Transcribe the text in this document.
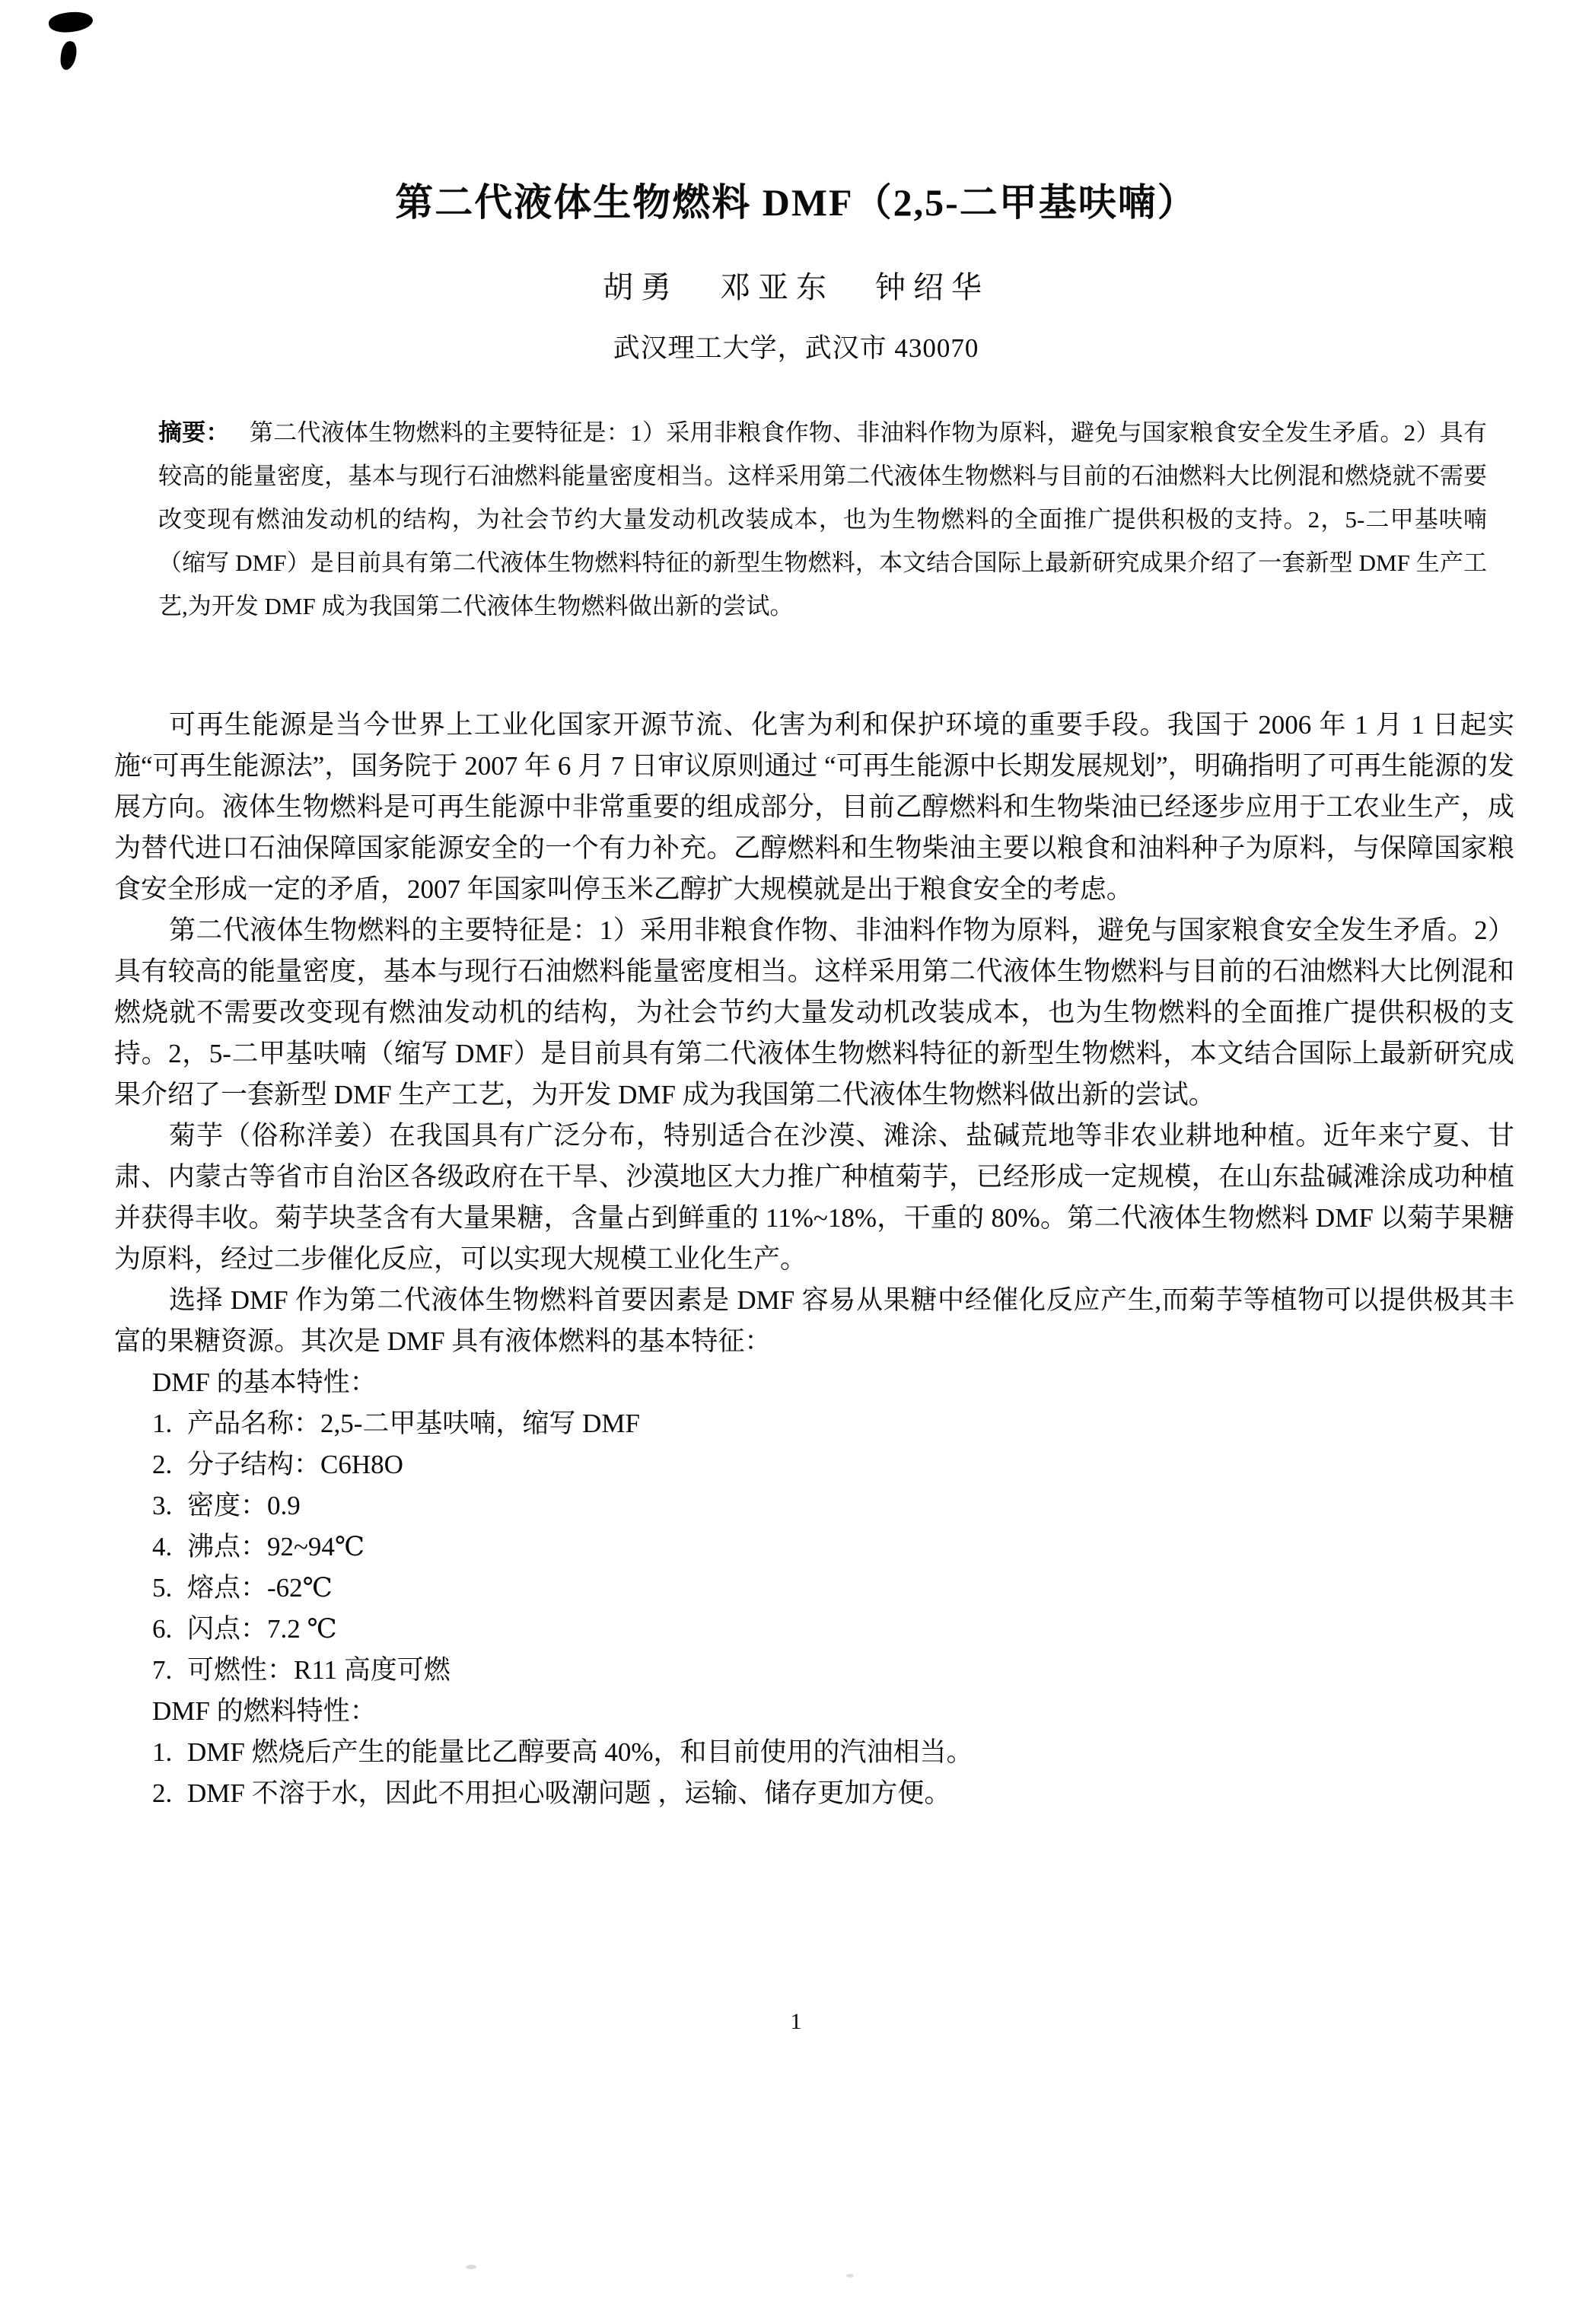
第二代液体生物燃料 DMF（2,5-二甲基呋喃）
胡勇 邓亚东 钟绍华
武汉理工大学，武汉市 430070

摘要： 第二代液体生物燃料的主要特征是：1）采用非粮食作物、非油料作物为原料，避免与国家粮食安全发生矛盾。2）具有较高的能量密度，基本与现行石油燃料能量密度相当。这样采用第二代液体生物燃料与目前的石油燃料大比例混和燃烧就不需要改变现有燃油发动机的结构，为社会节约大量发动机改装成本，也为生物燃料的全面推广提供积极的支持。2，5-二甲基呋喃（缩写 DMF）是目前具有第二代液体生物燃料特征的新型生物燃料，本文结合国际上最新研究成果介绍了一套新型 DMF 生产工艺,为开发 DMF 成为我国第二代液体生物燃料做出新的尝试。

可再生能源是当今世界上工业化国家开源节流、化害为利和保护环境的重要手段。我国于 2006 年 1 月 1 日起实施“可再生能源法”，国务院于 2007 年 6 月 7 日审议原则通过 “可再生能源中长期发展规划”，明确指明了可再生能源的发展方向。液体生物燃料是可再生能源中非常重要的组成部分，目前乙醇燃料和生物柴油已经逐步应用于工农业生产，成为替代进口石油保障国家能源安全的一个有力补充。乙醇燃料和生物柴油主要以粮食和油料种子为原料，与保障国家粮食安全形成一定的矛盾，2007 年国家叫停玉米乙醇扩大规模就是出于粮食安全的考虑。

第二代液体生物燃料的主要特征是：1）采用非粮食作物、非油料作物为原料，避免与国家粮食安全发生矛盾。2）具有较高的能量密度，基本与现行石油燃料能量密度相当。这样采用第二代液体生物燃料与目前的石油燃料大比例混和燃烧就不需要改变现有燃油发动机的结构，为社会节约大量发动机改装成本，也为生物燃料的全面推广提供积极的支持。2，5-二甲基呋喃（缩写 DMF）是目前具有第二代液体生物燃料特征的新型生物燃料，本文结合国际上最新研究成果介绍了一套新型 DMF 生产工艺，为开发 DMF 成为我国第二代液体生物燃料做出新的尝试。

菊芋（俗称洋姜）在我国具有广泛分布，特别适合在沙漠、滩涂、盐碱荒地等非农业耕地种植。近年来宁夏、甘肃、内蒙古等省市自治区各级政府在干旱、沙漠地区大力推广种植菊芋，已经形成一定规模，在山东盐碱滩涂成功种植并获得丰收。菊芋块茎含有大量果糖，含量占到鲜重的 11%~18%，干重的 80%。第二代液体生物燃料 DMF 以菊芋果糖为原料，经过二步催化反应，可以实现大规模工业化生产。

选择 DMF 作为第二代液体生物燃料首要因素是 DMF 容易从果糖中经催化反应产生,而菊芋等植物可以提供极其丰富的果糖资源。其次是 DMF 具有液体燃料的基本特征：

DMF 的基本特性：

1. 产品名称：2,5-二甲基呋喃，缩写 DMF
2. 分子结构：C6H8O
3. 密度：0.9
4. 沸点：92~94℃
5. 熔点：-62℃
6. 闪点：7.2 ℃
7. 可燃性：R11 高度可燃

DMF 的燃料特性：

1. DMF 燃烧后产生的能量比乙醇要高 40%，和目前使用的汽油相当。
2. DMF 不溶于水，因此不用担心吸潮问题 ，运输、储存更加方便。
1
